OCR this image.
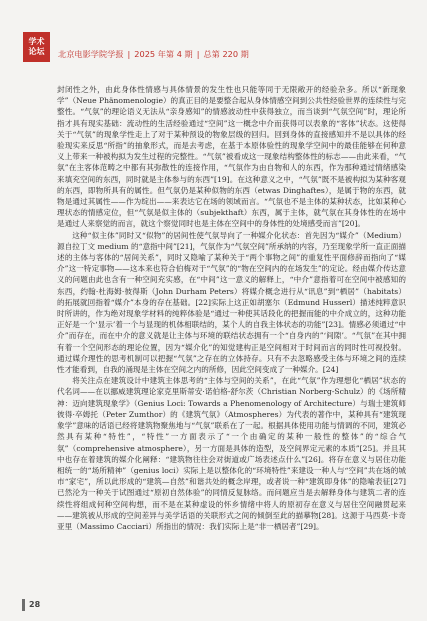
学术
论坛 北京电影学院学报 | 2025 年第 4 期 | 总第 220 期

封闭性之外，由此身体性情感与具体情景的发生性也只能等同于无限敞开的经验杂多。所以“新现象学”（Neue Phänomenologie）的真正目的是要整合起从身体情感空间到公共性经验世界的连续性与完整性。“气氛”的理论语义无法从“亲身感知”的情感波动性中获得独立，而当谈到“气氛空间”时，理论所指才具有现实基础：流动性的生活经验通过“空间”这一概念中介而获得可以表象的“客体”状态。这使得关于“气氛”的现象学性走上了对于某种预设的物象层级的回归。回到身体的直接感知并不是以具体的经验现实来反思“所指”的抽象形式，而是去考虑，在基于本原体验性的现象学空间中的最佳能够在何种意义上带来一种被构拟为发生过程的完整性。“气氛”被看成这一现象结构整体性的标志——由此来看，“气氛”在主客体范畴之中都有其弥散性的连接作用，“气氛作为由自物和人的东西，作为那种通过情绪感染来填充空间的东西，同时就是主体参与的东西”[19]。在这种意义之中，“气氛”既不是被构拟为某种客观的东西，即物所具有的属性。但气氛仍是某种似物的东西（etwas Dinghaftes），是属于物的东西，就物是通过其属性——作为绽出——来表达它在场的领域而言。“气氛也不是主体的某种状态，比如某种心理状态的情感定位，但“气氛是似主体的（subjekthaft）东西，属于主体，就气氛在其身体性的在场中是通过人来察觉的而言，就这个察觉同时也是主体在空间中的身体性的处境感受而言”[20]。

这种“似主体”同时又“似物”的居间性使气氛导向了一种媒介化状态：首先因为“媒介”（Medium）源自拉丁文 medium 的“意指中间”[21]，气氛作为“气氛空间”所承纳的内容，乃至现象学所一直正面描述的主体与客体的“居间关系”，同时又隐喻了某种关于“两个事物之间”的重复性平面修辞而指向了“媒介”这一特定事物——这本来也符合伯梅对于“气氛”的“物在空间内的在场发生”的定论。经由媒介传达意义的问题由此也含有一种空间充实感，在“中间”这一意义的解释上，“中介”意指着可在空间中被感知的东西，约翰·杜海姆·彼得斯（John Durham Peters）将媒介概念进行从“讯息”到“栖居”（habitats）的拓展就回指着“媒介”本身的存在基础。[22]实际上这正如胡塞尔（Edmund Husserl）描述纯粹意识时所讲的，作为绝对现象学材料的纯粹体验是“通过一种使其话段化的把握而能的中介成立的，这种功能正好是一个‘显示’着一个与显现的机体相联结的，某个人的自我主体状态的功能”[23]。情感必须通过“中介”而存在，而在中介的意义就是让主体与环境的联结状态拥有一个“自身内的”‘间隙’。“气氛”在其中拥有着一个空间形态的理论位置，因为“媒介化”的知觉建构正是空间相对于时间而言的同时性可视投射。通过媒介理性的思考机制可以把握“气氛”之存在的立体持存。只有不去忽略感受主体与环境之间的连续性才能看到，自我的涌现是主体在空间之内的所修，因此空间变成了一种媒介。[24]

将关注点在建筑设计中建筑主体思考的“主体与空间的关系”，在此“气氛”作为理想化“栖居”状态的代名词——在以挪威建筑理论家克里斯蒂安·诺伯格-舒尔茨（Christian Norberg-Schulz）的《场所精神：迈向建筑现象学》（Genius Loci: Towards a Phenomenology of Architecture）与瑞士建筑师彼得·卒姆托（Peter Zumthor）的《建筑气氛》（Atmospheres）为代表的著作中，某种具有“建筑现象学”意味的话语已经将建筑物聚焦地与“气氛”联系在了一起。根据具体使用功能与情调的不同，建筑必然具有某种“特性”，“特性”一方面表示了“一个由确定的某种一般性的整体”的“综合气氛”（comprehensive atmosphere），另一方面是具体的造型，及空间界定元素的本质”[25]。并且其中也存在着建筑的媒介化阐释：“建筑物往往会对街道或广场表述点什么”[26]。将存在意义与居住功能相统一的“场所精神”（genius loci）实际上是以整体化的“环境特性”来建设一种人与“空间”共在场的城市“家宅”，所以此形成的“建筑—自然”和谐共处的概念岸理，或者说一种“建筑即身体”的隐喻表征[27]已然沦为一种关于试图通过“原初自然体验”的同情反复脉络。而问题应当是去解释身体与建筑二者的连续性将组成何种空间构想，而不是在某种虚设的怀乡情绪中将人的原初存在意义与居住空间融贯起来——建筑被从形成的空间差异与美学话语的关联形式之间的倾倒至此的描摹物[28]。这源于马西莫·卡奇亚里（Massimo Cacciari）所指出的情况：我们实际上是“非一栖居者”[29]。

28
